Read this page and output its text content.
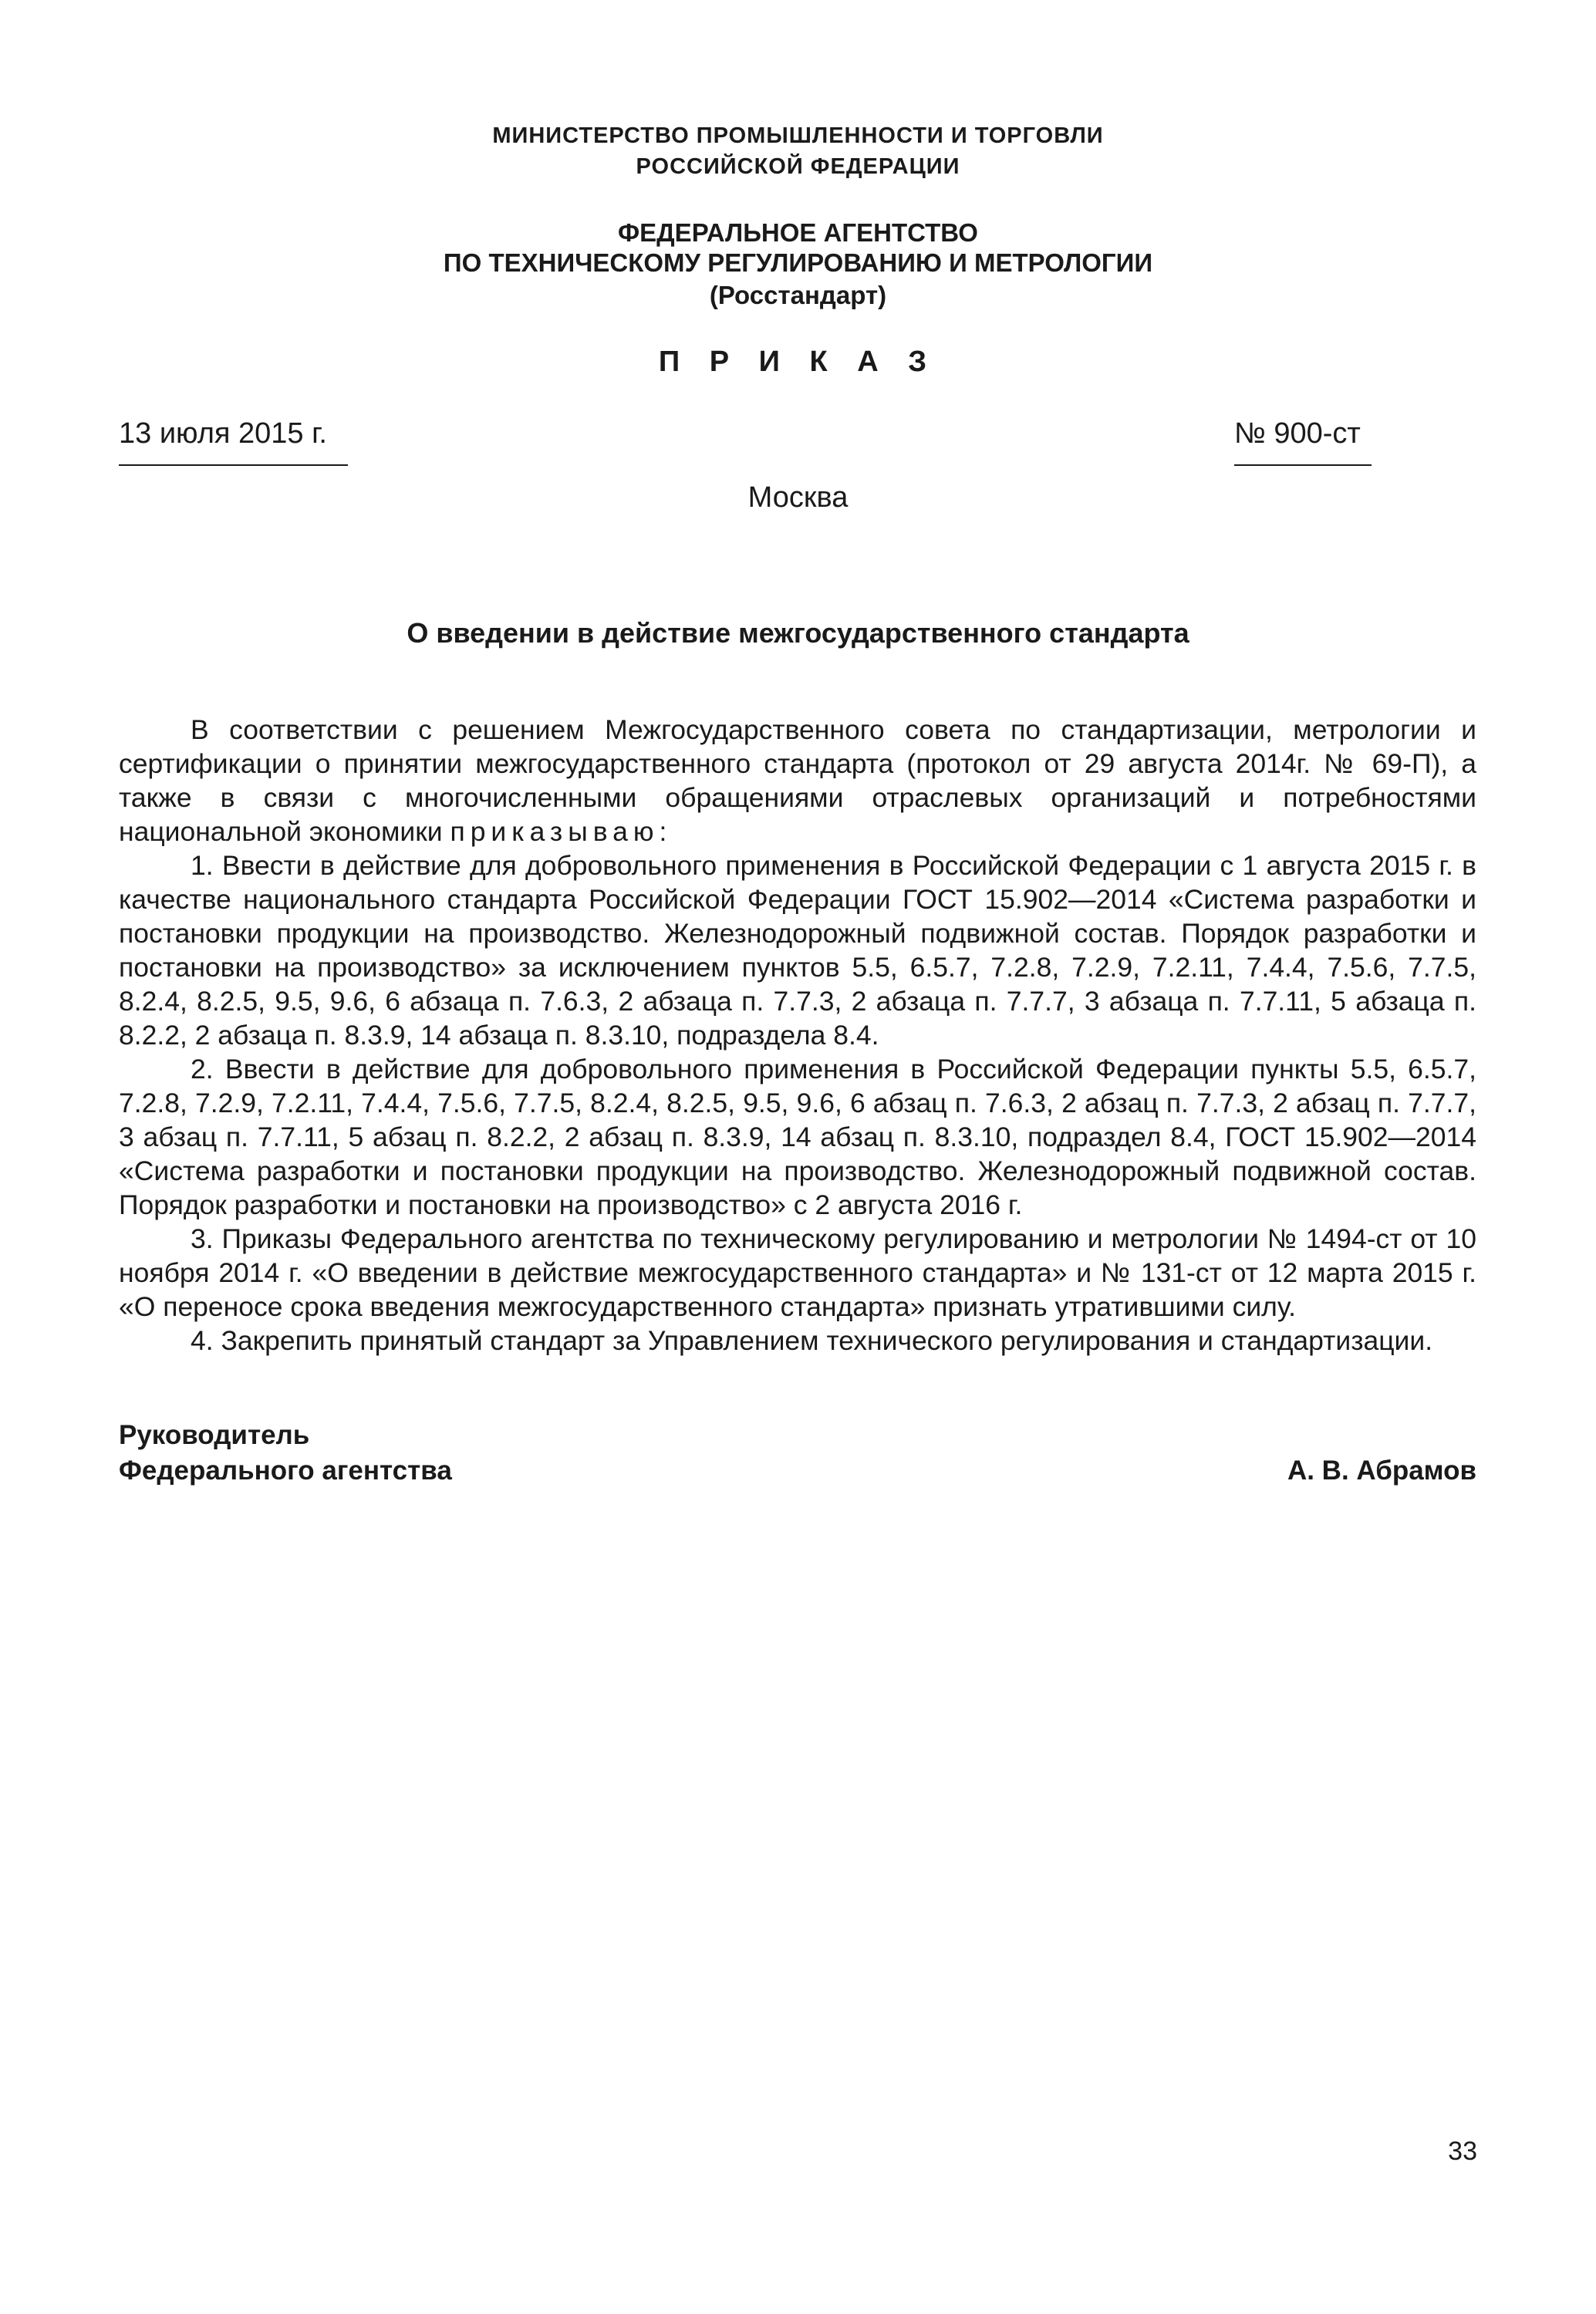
МИНИСТЕРСТВО ПРОМЫШЛЕННОСТИ И ТОРГОВЛИ
РОССИЙСКОЙ ФЕДЕРАЦИИ
ФЕДЕРАЛЬНОЕ АГЕНТСТВО
ПО ТЕХНИЧЕСКОМУ РЕГУЛИРОВАНИЮ И МЕТРОЛОГИИ
(Росстандарт)
П Р И К А З
13 июля 2015 г.	№ 900-ст
Москва
О введении в действие межгосударственного стандарта

В соответствии с решением Межгосударственного совета по стандартизации, метрологии и сертификации о принятии межгосударственного стандарта (протокол от 29 августа 2014г. № 69-П), а также в связи с многочисленными обращениями отраслевых организаций и потребностями национальной экономики приказываю:

1. Ввести в действие для добровольного применения в Российской Федерации с 1 августа 2015 г. в качестве национального стандарта Российской Федерации ГОСТ 15.902—2014 «Система разработки и постановки продукции на производство. Железнодорожный подвижной состав. Порядок разработки и постановки на производство» за исключением пунктов 5.5, 6.5.7, 7.2.8, 7.2.9, 7.2.11, 7.4.4, 7.5.6, 7.7.5, 8.2.4, 8.2.5, 9.5, 9.6, 6 абзаца п. 7.6.3, 2 абзаца п. 7.7.3, 2 абзаца п. 7.7.7, 3 абзаца п. 7.7.11, 5 абзаца п. 8.2.2, 2 абзаца п. 8.3.9, 14 абзаца п. 8.3.10, подраздела 8.4.

2. Ввести в действие для добровольного применения в Российской Федерации пункты 5.5, 6.5.7, 7.2.8, 7.2.9, 7.2.11, 7.4.4, 7.5.6, 7.7.5, 8.2.4, 8.2.5, 9.5, 9.6, 6 абзац п. 7.6.3, 2 абзац п. 7.7.3, 2 абзац п. 7.7.7, 3 абзац п. 7.7.11, 5 абзац п. 8.2.2, 2 абзац п. 8.3.9, 14 абзац п. 8.3.10, подраздел 8.4, ГОСТ 15.902—2014 «Система разработки и постановки продукции на производство. Железнодорожный подвижной состав. Порядок разработки и постановки на производство» с 2 августа 2016 г.

3. Приказы Федерального агентства по техническому регулированию и метрологии № 1494-ст от 10 ноября 2014 г. «О введении в действие межгосударственного стандарта» и № 131-ст от 12 марта 2015 г. «О переносе срока введения межгосударственного стандарта» признать утратившими силу.

4. Закрепить принятый стандарт за Управлением технического регулирования и стандартизации.

Руководитель
Федерального агентства	А. В. Абрамов
33
